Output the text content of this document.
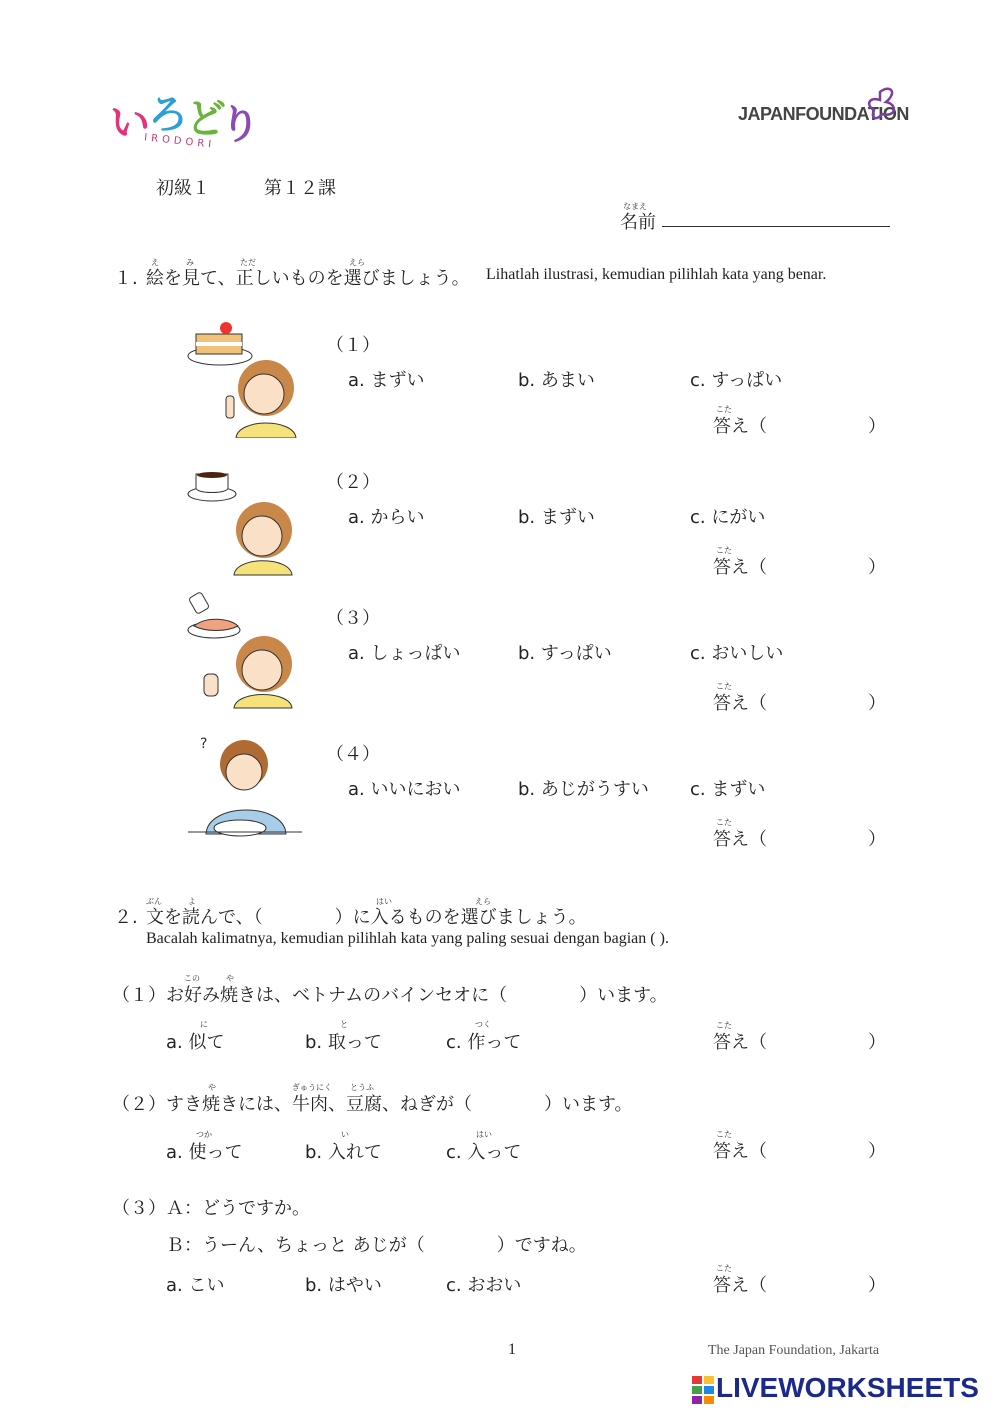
い
ろ
ど
り
IRODORI
JAPANFOUNDATION
初級１	第１２課
なまえ
名前
え	み	ただ	えら
１. 絵を見て、正しいものを選びましょう。 Lihatlah ilustrasi, kemudian pilihlah kata yang benar.
?
（１）
a. まずい	b. あまい	c. すっぱい
こた
答え（	）
（２）
a. からい	b. まずい	c. にがい
こた
答え（	）
（３）
a. しょっぱい	b. すっぱい	c. おいしい
こた
答え（	）
（４）
a. いいにおい	b. あじがうすい c. まずい
こた
答え（	）
ぶん	よ	はい	えら
２. 文を読んで、（　　　　）に入るものを選びましょう。
Bacalah kalimatnya, kemudian pilihlah kata yang paling sesuai dengan bagian ( ).
この	や
（１） お好み焼きは、ベトナムのバインセオに（　　　　）います。
に	と	つく
a. 似て	b. 取って	c. 作って
こた
答え（	）
や	ぎゅうにく とうふ
（２） すき焼きには、牛肉、豆腐、ねぎが（　　　　）います。
つか	い	はい
a. 使って	b. 入れて	c. 入って
こた
答え（	）
（３） Ａ：どうですか。
Ｂ：うーん、ちょっと あじが（　　　　）ですね。
a. こい	b. はやい	c. おおい
こた
答え（	）
1	The Japan Foundation, Jakarta
LIVEWORKSHEETS
